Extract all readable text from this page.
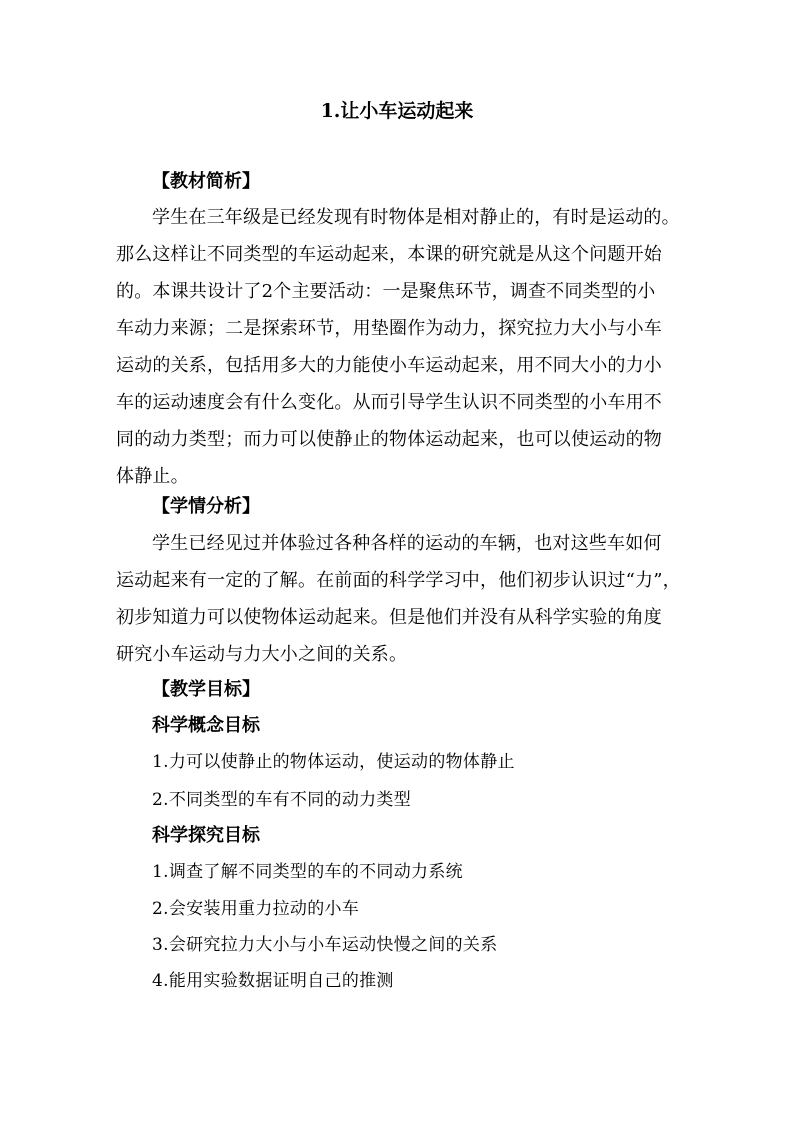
1.让小车运动起来
【教材简析】
学生在三年级是已经发现有时物体是相对静止的，有时是运动的。
那么这样让不同类型的车运动起来，本课的研究就是从这个问题开始
的。本课共设计了2个主要活动：一是聚焦环节，调查不同类型的小
车动力来源；二是探索环节，用垫圈作为动力，探究拉力大小与小车
运动的关系，包括用多大的力能使小车运动起来，用不同大小的力小
车的运动速度会有什么变化。从而引导学生认识不同类型的小车用不
同的动力类型；而力可以使静止的物体运动起来，也可以使运动的物
体静止。
【学情分析】
学生已经见过并体验过各种各样的运动的车辆，也对这些车如何
运动起来有一定的了解。在前面的科学学习中，他们初步认识过“力”，
初步知道力可以使物体运动起来。但是他们并没有从科学实验的角度
研究小车运动与力大小之间的关系。
【教学目标】
科学概念目标
1.力可以使静止的物体运动，使运动的物体静止
2.不同类型的车有不同的动力类型
科学探究目标
1.调查了解不同类型的车的不同动力系统
2.会安装用重力拉动的小车
3.会研究拉力大小与小车运动快慢之间的关系
4.能用实验数据证明自己的推测
